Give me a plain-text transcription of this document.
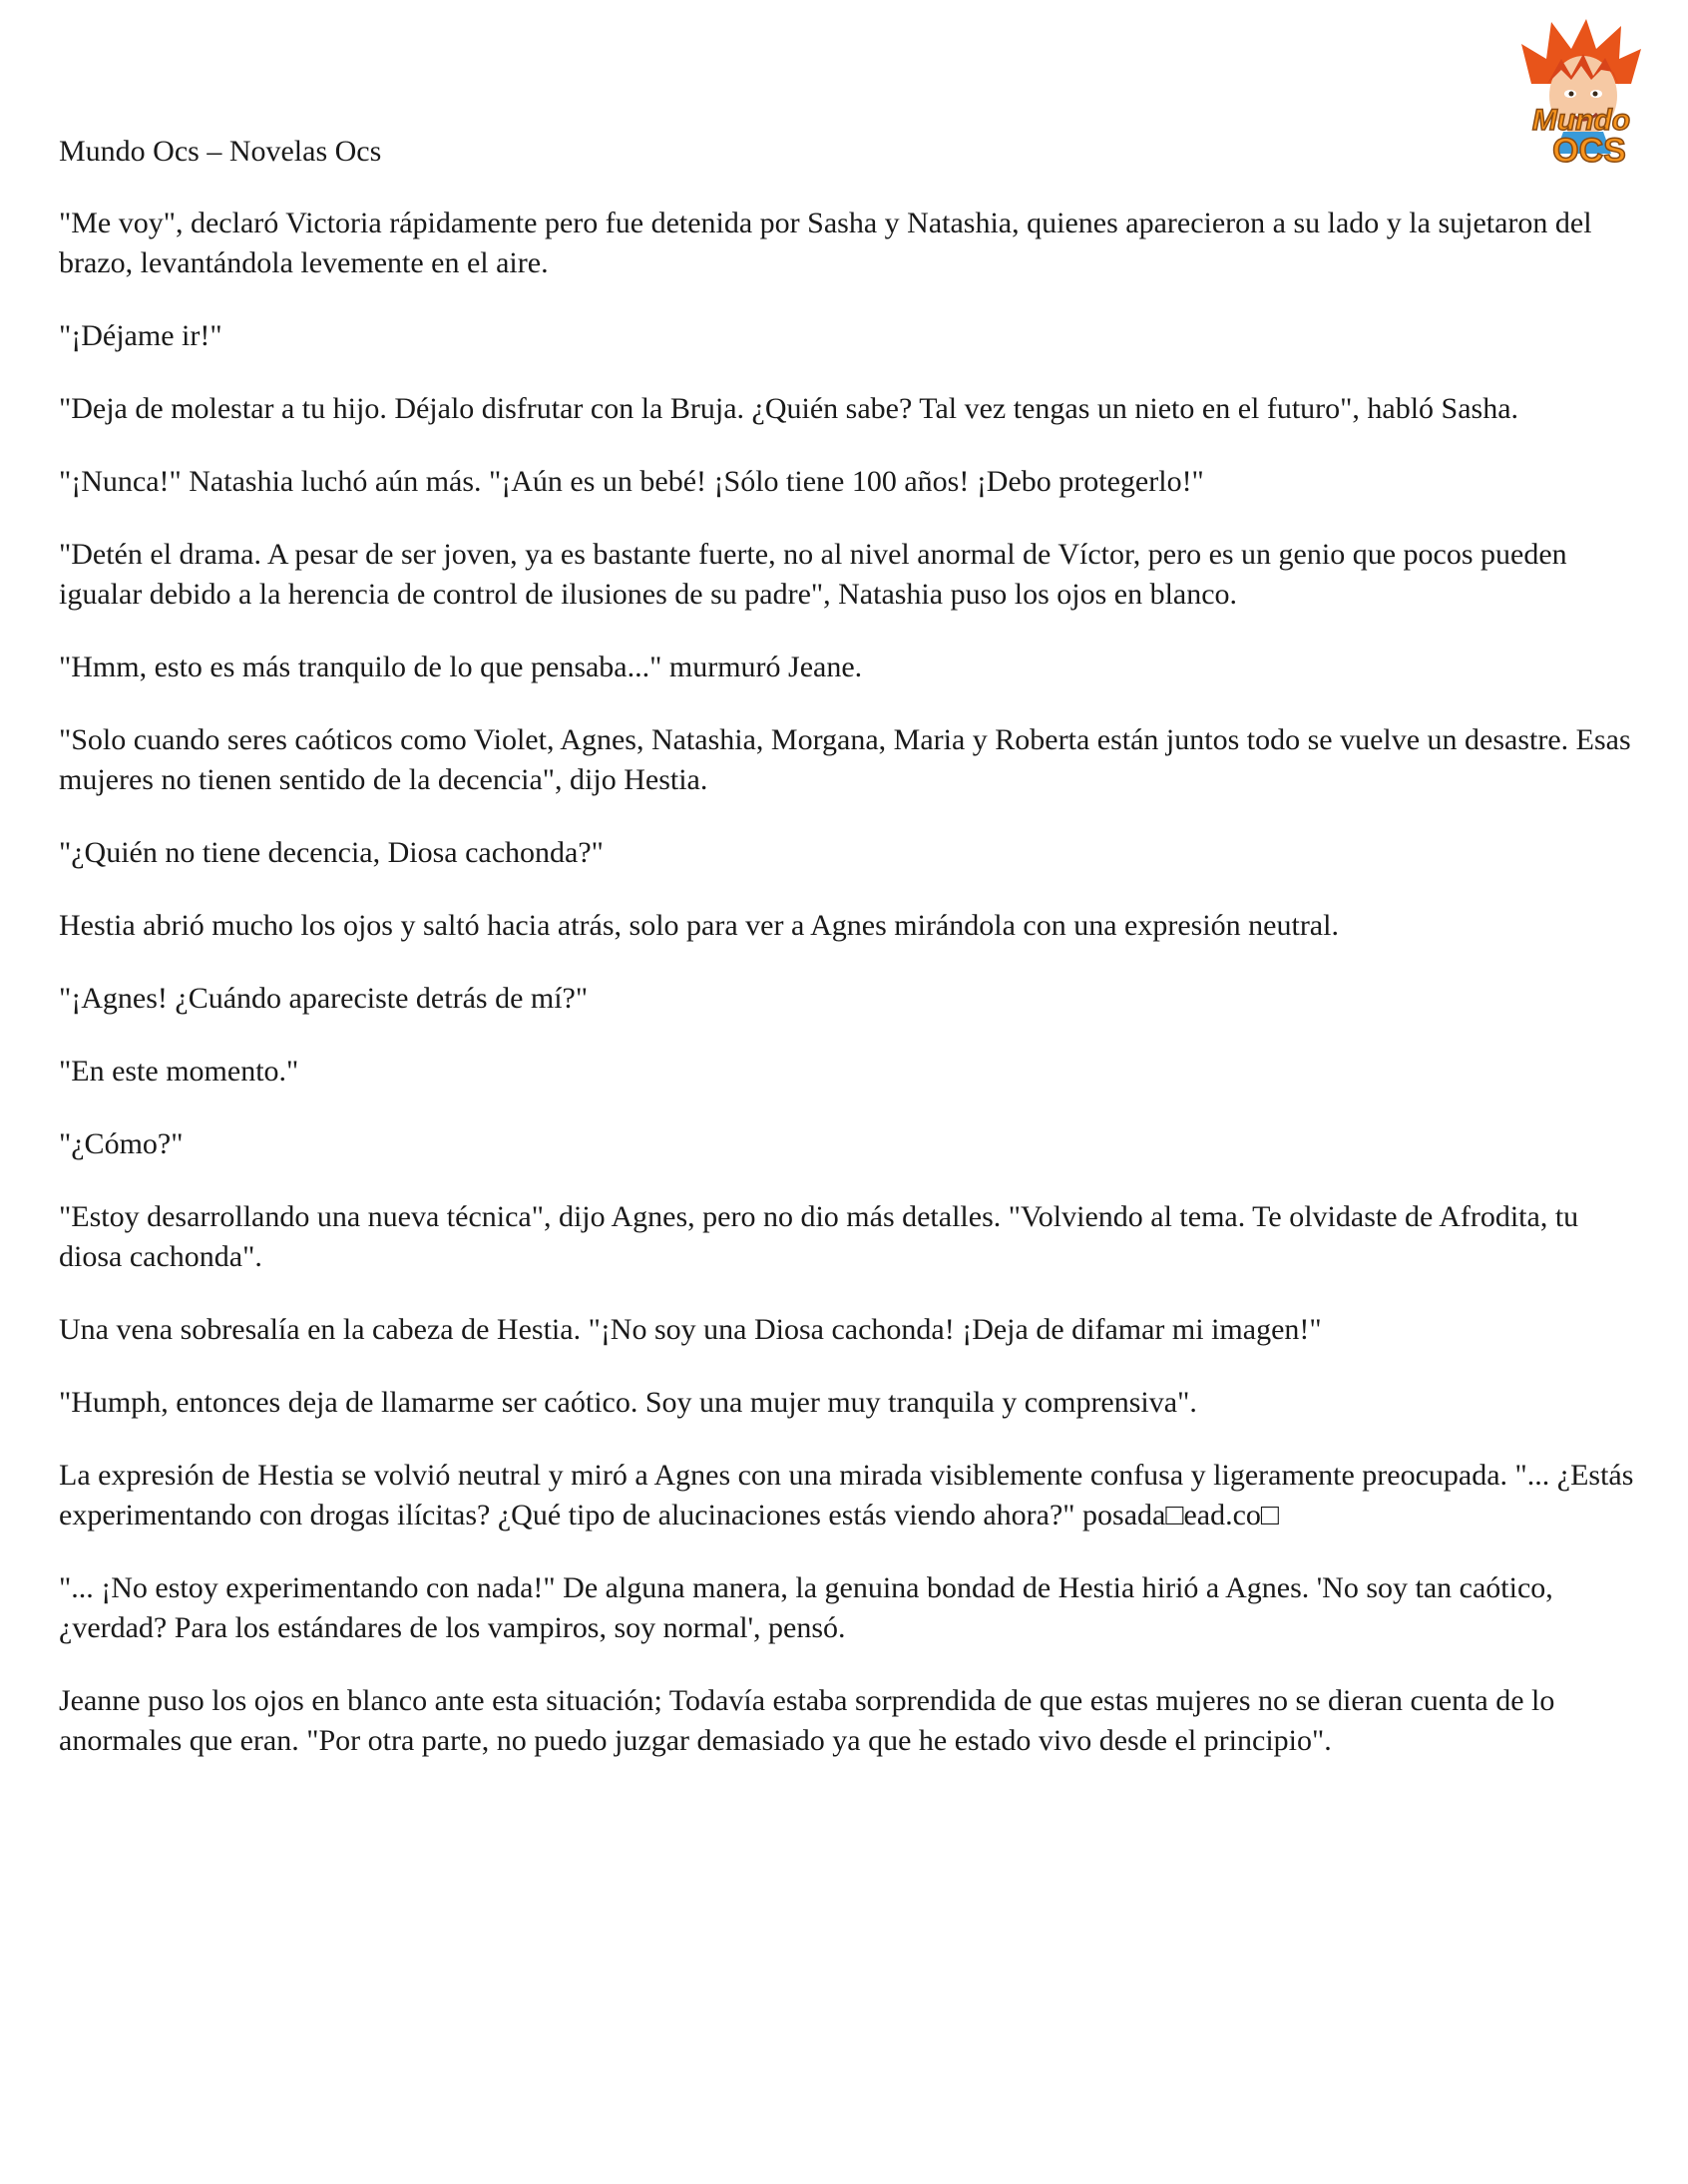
Mundo
OCS

Mundo Ocs – Novelas Ocs

"Me voy", declaró Victoria rápidamente pero fue detenida por Sasha y Natashia, quienes aparecieron a su lado y la sujetaron del brazo, levantándola levemente en el aire.

"¡Déjame ir!"

"Deja de molestar a tu hijo. Déjalo disfrutar con la Bruja. ¿Quién sabe? Tal vez tengas un nieto en el futuro", habló Sasha.

"¡Nunca!" Natashia luchó aún más. "¡Aún es un bebé! ¡Sólo tiene 100 años! ¡Debo protegerlo!"

"Detén el drama. A pesar de ser joven, ya es bastante fuerte, no al nivel anormal de Víctor, pero es un genio que pocos pueden igualar debido a la herencia de control de ilusiones de su padre", Natashia puso los ojos en blanco.

"Hmm, esto es más tranquilo de lo que pensaba..." murmuró Jeane.

"Solo cuando seres caóticos como Violet, Agnes, Natashia, Morgana, Maria y Roberta están juntos todo se vuelve un desastre. Esas mujeres no tienen sentido de la decencia", dijo Hestia.

"¿Quién no tiene decencia, Diosa cachonda?"

Hestia abrió mucho los ojos y saltó hacia atrás, solo para ver a Agnes mirándola con una expresión neutral.

"¡Agnes! ¿Cuándo apareciste detrás de mí?"

"En este momento."

"¿Cómo?"

"Estoy desarrollando una nueva técnica", dijo Agnes, pero no dio más detalles. "Volviendo al tema. Te olvidaste de Afrodita, tu diosa cachonda".

Una vena sobresalía en la cabeza de Hestia. "¡No soy una Diosa cachonda! ¡Deja de difamar mi imagen!"

"Humph, entonces deja de llamarme ser caótico. Soy una mujer muy tranquila y comprensiva".

La expresión de Hestia se volvió neutral y miró a Agnes con una mirada visiblemente confusa y ligeramente preocupada. "... ¿Estás experimentando con drogas ilícitas? ¿Qué tipo de alucinaciones estás viendo ahora?" posada□ead.co□

"... ¡No estoy experimentando con nada!" De alguna manera, la genuina bondad de Hestia hirió a Agnes. 'No soy tan caótico, ¿verdad? Para los estándares de los vampiros, soy normal', pensó.

Jeanne puso los ojos en blanco ante esta situación; Todavía estaba sorprendida de que estas mujeres no se dieran cuenta de lo anormales que eran. "Por otra parte, no puedo juzgar demasiado ya que he estado vivo desde el principio".
